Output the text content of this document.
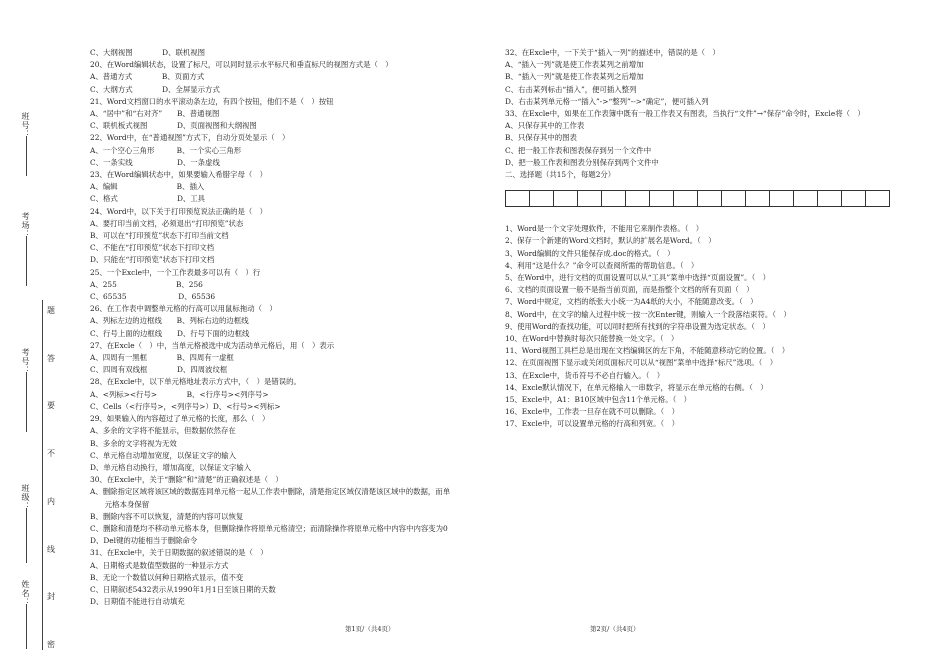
班号：
考场：
考号：
班级：
姓名：
题
答
要
不
内
线
封
密
C、大纲视图　　　　D、联机视图
20、在Word编辑状态，设置了标尺，可以同时显示水平标尺和垂直标尺的视图方式是（　）
A、普通方式　　　　B、页面方式
C、大纲方式　　　　D、全屏显示方式
21、Word文档窗口的水平滚动条左边，有四个按钮，他们不是（　）按钮
A、“居中”和“右对齐”　　B、普通视图
C、联机板式视图　　　　D、页面视图和大纲视图
22、Word中，在“普通视图”方式下，自动分页处显示（　）
A、一个空心三角形　　　B、一个实心三角形
C、一条实线　　　　　　D、一条虚线
23、在Word编辑状态中，如果要输入希腊字母（　）
A、编辑　　　　　　　　B、插入
C、格式　　　　　　　　D、工具
24、Word中，以下关于打印预览说法正确的是（　）
A、要打印当前文档，必须退出“打印预览”状态
B、可以在“打印预览”状态下打印当前文档
C、不能在“打印预览”状态下打印文档
D、只能在“打印预览”状态下打印文档
25、一个Excle中，一个工作表最多可以有（　）行
A、255　　　　　　　　B、256
C、65535　　　　　　　D、65536
26、在工作表中调整单元格的行高可以用鼠标拖动（　）
A、列标左边的边框线　　B、列标右边的边框线
C、行号上面的边框线　　D、行号下面的边框线
27、在Excle（　）中，当单元格被选中成为活动单元格后，用（　）表示
A、四周有一黑框　　　　B、四周有一虚框
C、四周有双线框　　　　D、四周波纹框
28、在Excle中，以下单元格地址表示方式中，（　）是错误的。
A、<列标><行号>　　　　B、<行序号><列序号>
C、Cells（<行序号>，<列序号>）D、<行号><列标>
29、如果输入的内容超过了单元格的长度，那么（　）
A、多余的文字将不能显示，但数据依然存在
B、多余的文字将视为无效
C、单元格自动增加宽度，以保证文字的输入
D、单元格自动换行，增加高度，以保证文字输入
30、在Excle中，关于“删除”和“清楚”的正确叙述是（　）
A、删除指定区域将该区域的数据连同单元格一起从工作表中删除，清楚指定区域仅清楚该区域中的数据，而单
　　元格本身保留
B、删除内容不可以恢复，清楚的内容可以恢复
C、删除和清楚均不移动单元格本身，但删除操作将原单元格清空；而清除操作将原单元格中内容中内容变为0
D、Del键的功能相当于删除命令
31、在Excle中，关于日期数据的叙述错误的是（　）
A、日期格式是数值型数据的一种显示方式
B、无论一个数值以何种日期格式显示，值不变
C、日期叙述5432表示从1990年1月1日至该日期的天数
D、日期值不能进行自动填充
32、在Excle中，一下关于“插入一列”的描述中，错误的是（　）
A、“插入一列”就是使工作表某列之前增加
B、“插入一列”就是使工作表某列之后增加
C、右击某列标击“插入”，便可插入整列
D、右击某列单元格一“插入”->“整列”-->“确定”，便可插入列
33、在Excle中，如果在工作表簿中既有一般工作表又有图表，当执行“文件”→“保存”命令时，Excle将（　）
A、只保存其中的工作表
B、只保存其中的图表
C、把一般工作表和图表保存到另一个文件中
D、把一般工作表和图表分别保存到两个文件中
二、选择题（共15个，每题2分）

1、Word是一个文字处理软件，不能用它来制作表格。（　）
2、保存一个新建的Word文档时，默认的扩展名是Word。（　）
3、Word编辑的文件只能保存成.doc的格式。（　）
4、利用“这是什么？”命令可以查阅所需的帮助信息。（　）
5、在Word中，进行文档的页面设置可以从“工具”菜单中选择“页面设置”。（　）
6、文档的页面设置一般不是指当前页面，而是指整个文档的所有页面（　）
7、Word中规定，文档的纸张大小统一为A4纸的大小，不能随意改变。（　）
8、Word中，在文字的输入过程中统一按一次Enter键，则输入一个段落结束符。（　）
9、使用Word的查找功能，可以同时把所有找到的字符串设置为选定状态。（　）
10、在Word中替换时每次只能替换一处文字。（　）
11、Word视图工具栏总是出现在文档编辑区的左下角，不能随意移动它的位置。（　）
12、在页面视图下显示或关闭页面标尺可以从“视图”菜单中选择“标尺”选项。（　）
13、在Excle中，货币符号不必自行输入。（　）
14、Excle默认情况下，在单元格输入一串数字，将显示在单元格的右侧。（　）
15、Excle中，A1：B10区域中包含11个单元格。（　）
16、Excle中，工作表一旦存在就不可以删除。（　）
17、Excle中，可以设置单元格的行高和列宽。（　）
第1页/（共4页）	第2页/（共4页）
